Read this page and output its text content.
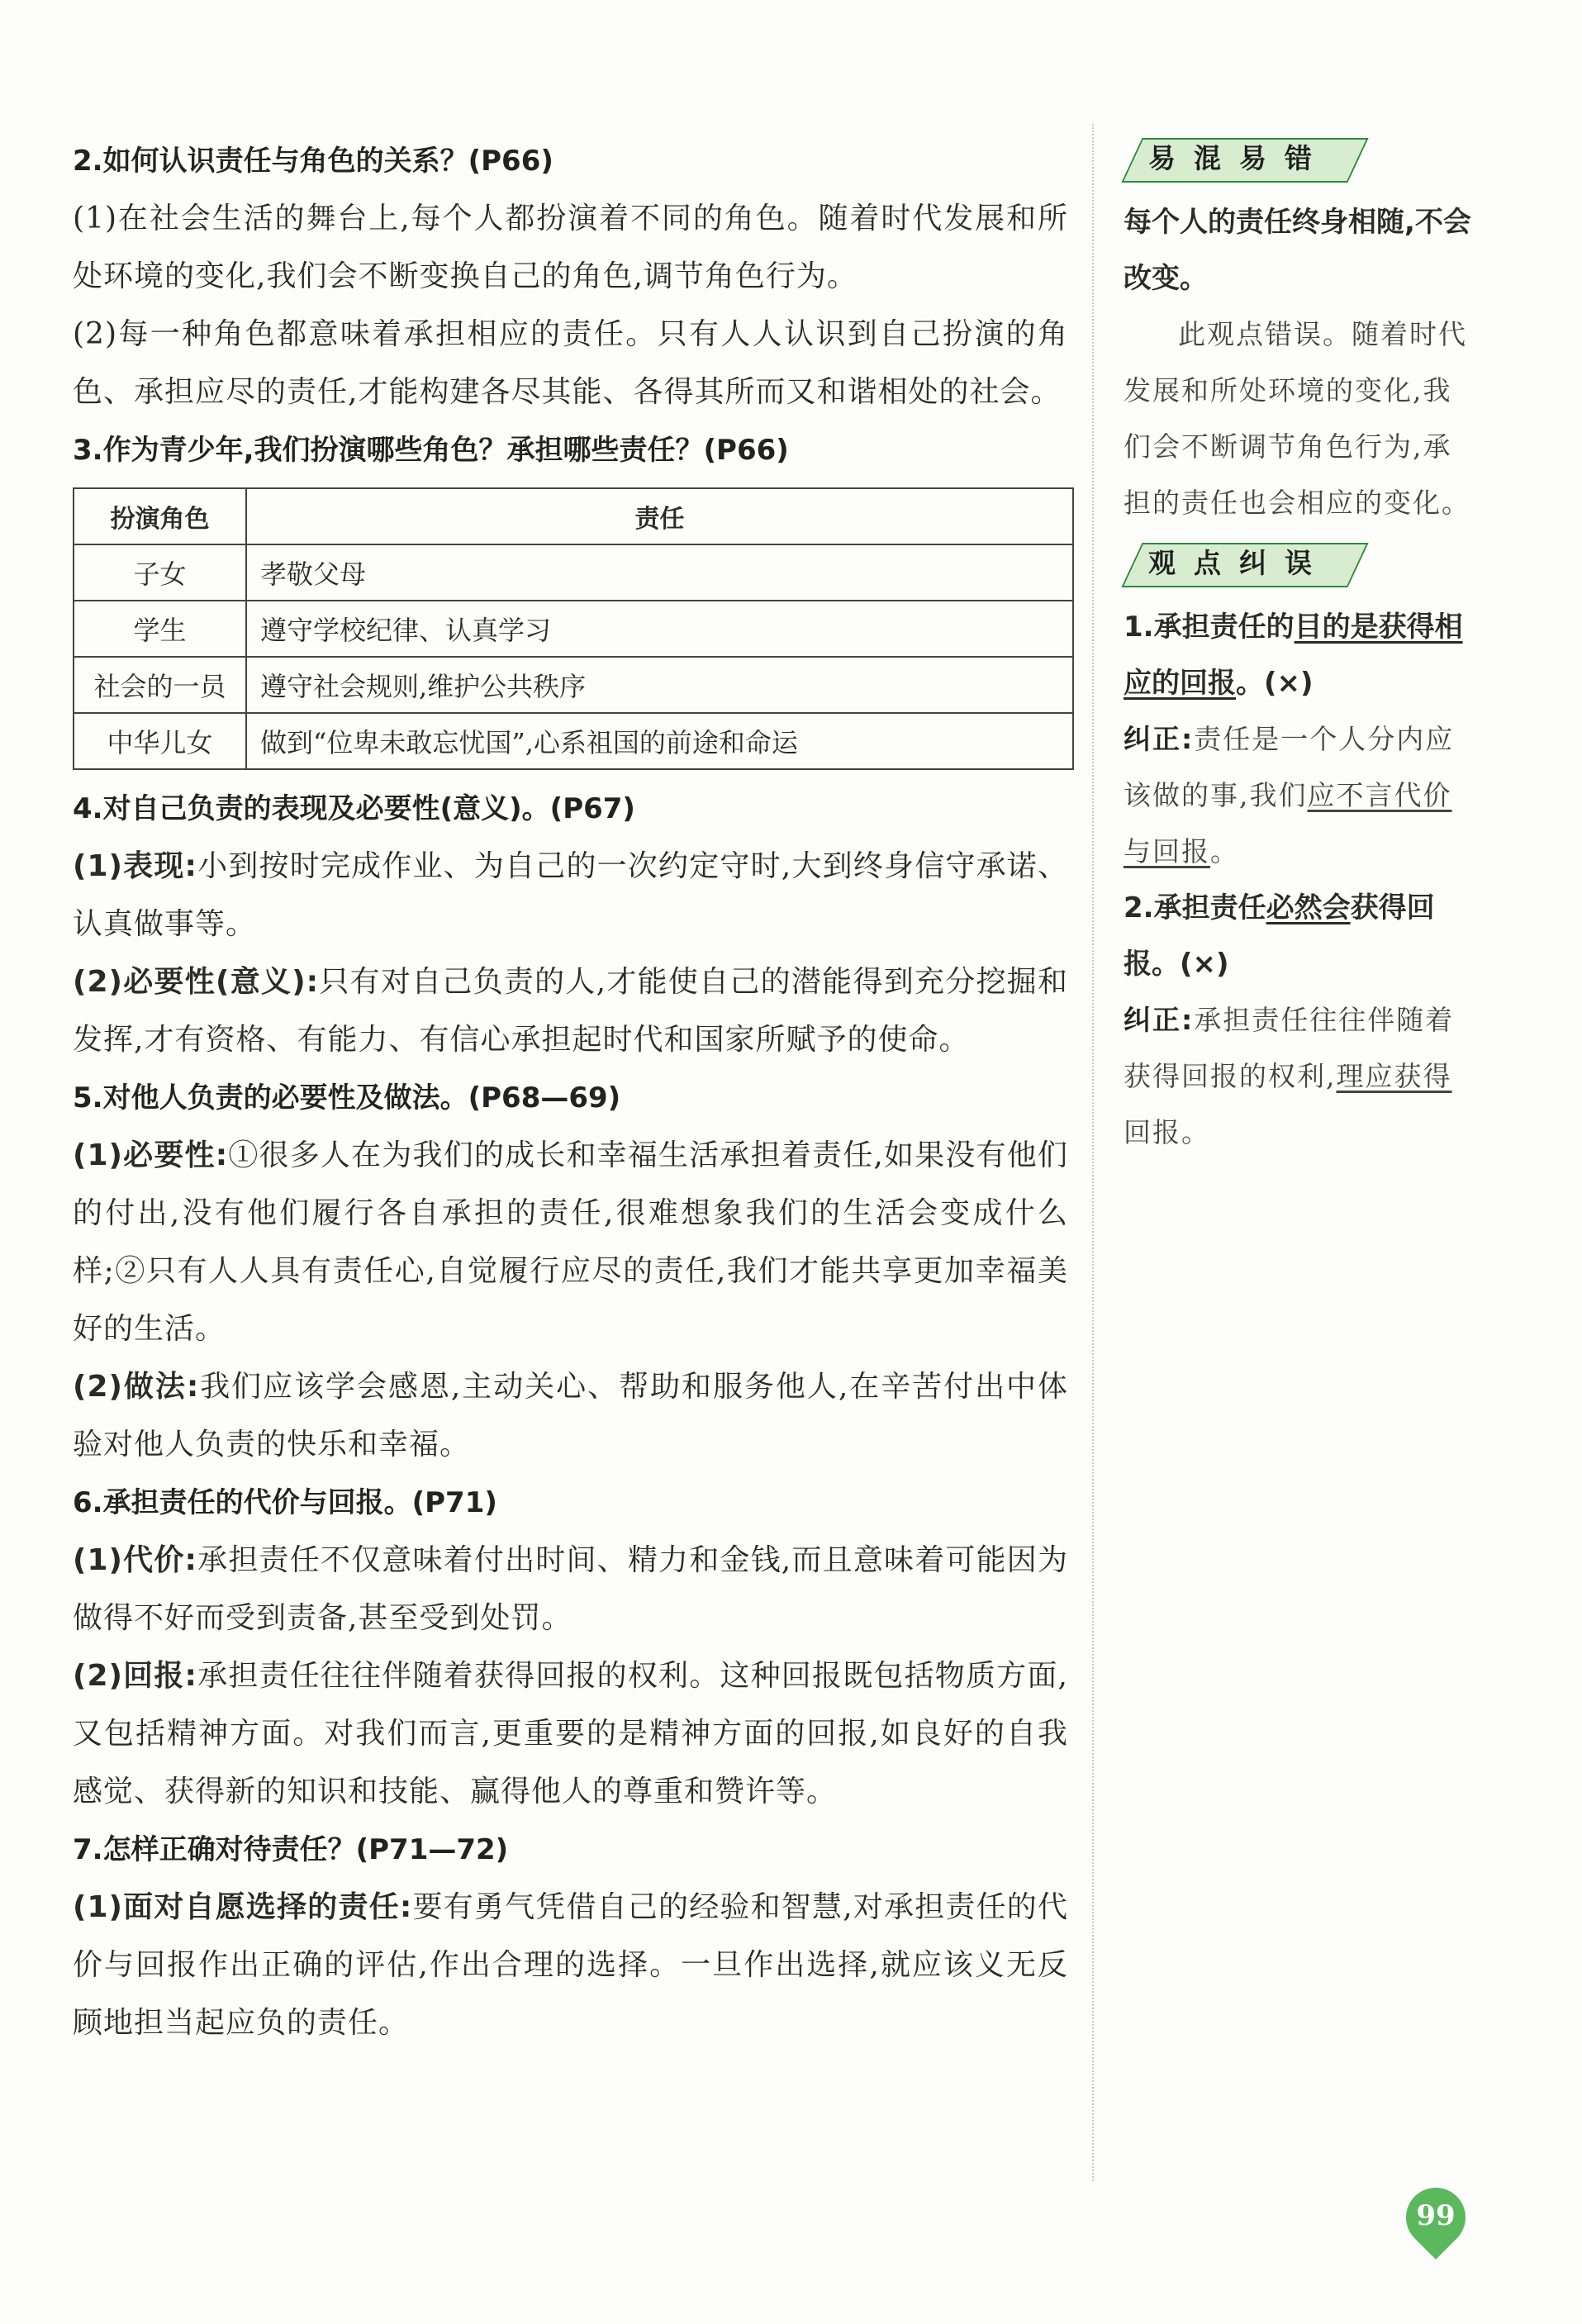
2.如何认识责任与角色的关系？(P66)

(1)在社会生活的舞台上,每个人都扮演着不同的角色。随着时代发展和所处环境的变化,我们会不断变换自己的角色,调节角色行为。

(2)每一种角色都意味着承担相应的责任。只有人人认识到自己扮演的角色、承担应尽的责任,才能构建各尽其能、各得其所而又和谐相处的社会。

3.作为青少年,我们扮演哪些角色？承担哪些责任？(P66)

扮演角色	责任
子女	孝敬父母
学生	遵守学校纪律、认真学习
社会的一员	遵守社会规则,维护公共秩序
中华儿女	做到“位卑未敢忘忧国”,心系祖国的前途和命运

4.对自己负责的表现及必要性(意义)。(P67)

(1)表现:小到按时完成作业、为自己的一次约定守时,大到终身信守承诺、认真做事等。

(2)必要性(意义):只有对自己负责的人,才能使自己的潜能得到充分挖掘和发挥,才有资格、有能力、有信心承担起时代和国家所赋予的使命。

5.对他人负责的必要性及做法。(P68—69)

(1)必要性:①很多人在为我们的成长和幸福生活承担着责任,如果没有他们的付出,没有他们履行各自承担的责任,很难想象我们的生活会变成什么样;②只有人人具有责任心,自觉履行应尽的责任,我们才能共享更加幸福美好的生活。

(2)做法:我们应该学会感恩,主动关心、帮助和服务他人,在辛苦付出中体验对他人负责的快乐和幸福。

6.承担责任的代价与回报。(P71)

(1)代价:承担责任不仅意味着付出时间、精力和金钱,而且意味着可能因为做得不好而受到责备,甚至受到处罚。

(2)回报:承担责任往往伴随着获得回报的权利。这种回报既包括物质方面,又包括精神方面。对我们而言,更重要的是精神方面的回报,如良好的自我感觉、获得新的知识和技能、赢得他人的尊重和赞许等。

7.怎样正确对待责任？(P71—72)

(1)面对自愿选择的责任:要有勇气凭借自己的经验和智慧,对承担责任的代价与回报作出正确的评估,作出合理的选择。一旦作出选择,就应该义无反顾地担当起应负的责任。

易混易错

每个人的责任终身相随,不会改变。

此观点错误。随着时代发展和所处环境的变化,我们会不断调节角色行为,承担的责任也会相应的变化。

观点纠误

1.承担责任的目的是获得相应的回报。(×)

纠正:责任是一个人分内应该做的事,我们应不言代价与回报。

2.承担责任必然会获得回报。(×)

纠正:承担责任往往伴随着获得回报的权利,理应获得回报。

99
